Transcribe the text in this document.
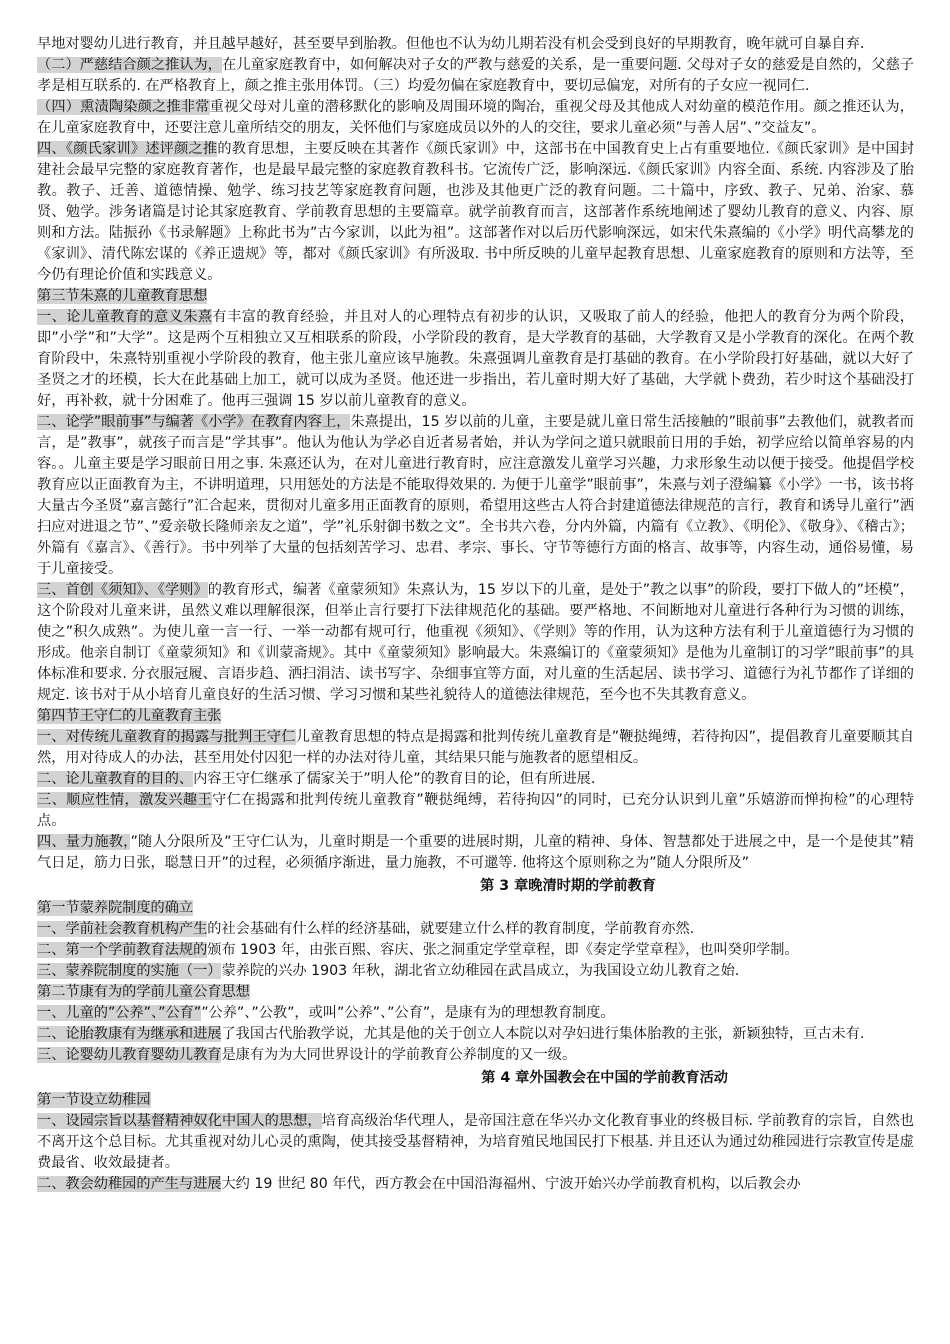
早地对婴幼儿进行教育，并且越早越好，甚至要早到胎教。但他也不认为幼儿期若没有机会受到良好的早期教育，晚年就可自暴自弃.

（二）严慈结合颜之推认为，在儿童家庭教育中，如何解决对子女的严教与慈爱的关系，是一重要问题. 父母对子女的慈爱是自然的，父慈子孝是相互联系的. 在严格教育上，颜之推主张用体罚。（三）均爱勿偏在家庭教育中，要切忌偏宠，对所有的子女应一视同仁.

（四）熏渍陶染颜之推非常重视父母对儿童的潜移默化的影响及周围环境的陶冶，重视父母及其他成人对幼童的模范作用。颜之推还认为，在儿童家庭教育中，还要注意儿童所结交的朋友，关怀他们与家庭成员以外的人的交往，要求儿童必须”与善人居”、”交益友”。

四、《颜氏家训》述评颜之推的教育思想，主要反映在其著作《颜氏家训》中，这部书在中国教育史上占有重要地位.《颜氏家训》是中国封建社会最早完整的家庭教育著作，也是最早最完整的家庭教育教科书。它流传广泛，影响深远.《颜氏家训》内容全面、系统. 内容涉及了胎教。教子、迁善、道德情操、勉学、练习技艺等家庭教育问题，也涉及其他更广泛的教育问题。二十篇中，序致、教子、兄弟、治家、慕贤、勉学。涉务诸篇是讨论其家庭教育、学前教育思想的主要篇章。就学前教育而言，这部著作系统地阐述了婴幼儿教育的意义、内容、原则和方法。陆振孙《书录解题》上称此书为”古今家训，以此为祖”。这部著作对以后历代影响深远，如宋代朱熹编的《小学》明代高攀龙的《家训》、清代陈宏谋的《养正遗规》等，都对《颜氏家训》有所汲取. 书中所反映的儿童早起教育思想、儿童家庭教育的原则和方法等，至今仍有理论价值和实践意义。

第三节朱熹的儿童教育思想

一、论儿童教育的意义朱熹有丰富的教育经验，并且对人的心理特点有初步的认识，又吸取了前人的经验，他把人的教育分为两个阶段，即”小学”和”大学”。这是两个互相独立又互相联系的阶段，小学阶段的教育，是大学教育的基础，大学教育又是小学教育的深化。在两个教育阶段中，朱熹特别重视小学阶段的教育，他主张儿童应该早施教。朱熹强调儿童教育是打基础的教育。在小学阶段打好基础，就以大好了圣贤之才的坯模，长大在此基础上加工，就可以成为圣贤。他还进一步指出，若儿童时期大好了基础，大学就卜费劲，若少时这个基础没打好，再补救，就十分困难了。他再三强调 15 岁以前儿童教育的意义。

二、论学”眼前事”与编著《小学》在教育内容上，朱熹提出，15 岁以前的儿童，主要是就儿童日常生活接触的”眼前事”去教他们，就教者而言，是”教事”，就孩子而言是”学其事”。他认为他认为学必自近者易者始，并认为学问之道只就眼前日用的手始，初学应给以简单容易的内容。。儿童主要是学习眼前日用之事. 朱熹还认为，在对儿童进行教育时，应注意激发儿童学习兴趣，力求形象生动以便于接受。他提倡学校教育应以正面教育为主，不讲明道理，只用惩处的方法是不能取得效果的. 为便于儿童学”眼前事”，朱熹与刘子澄编纂《小学》一书，该书将大量古今圣贤”嘉言懿行”汇合起来，贯彻对儿童多用正面教育的原则，希望用这些古人符合封建道德法律规范的言行，教育和诱导儿童行”洒扫应对进退之节”、”爱亲敬长隆师亲友之道”，学”礼乐射御书数之文”。全书共六卷，分内外篇，内篇有《立教》、《明伦》、《敬身》、《稽古》；外篇有《嘉言》、《善行》。书中列举了大量的包括刻苦学习、忠君、孝宗、事长、守节等德行方面的格言、故事等，内容生动，通俗易懂，易于儿童接受。

三、首创《须知》、《学则》的教育形式，编著《童蒙须知》朱熹认为，15 岁以下的儿童，是处于”教之以事”的阶段，要打下做人的”坯模”，这个阶段对儿童来讲，虽然义难以理解很深，但举止言行要打下法律规范化的基础。要严格地、不间断地对儿童进行各种行为习惯的训练，使之”积久成熟”。为使儿童一言一行、一举一动都有规可行，他重视《须知》、《学则》等的作用，认为这种方法有利于儿童道德行为习惯的形成。他亲自制订《童蒙须知》和《训蒙斋规》。其中《童蒙须知》影响最大。朱熹编订的《童蒙须知》是他为儿童制订的习学”眼前事”的具体标准和要求. 分衣服冠履、言语步趋、洒扫涓洁、读书写字、杂细事宜等方面，对儿童的生活起居、读书学习、道德行为礼节都作了详细的规定. 该书对于从小培育儿童良好的生活习惯、学习习惯和某些礼貌待人的道德法律规范，至今也不失其教育意义。

第四节王守仁的儿童教育主张

一、对传统儿童教育的揭露与批判王守仁儿童教育思想的特点是揭露和批判传统儿童教育是”鞭挞绳缚，若待拘囚”，提倡教育儿童要顺其自然，用对待成人的办法，甚至用处付囚犯一样的办法对待儿童，其结果只能与施教者的愿望相反。

二、论儿童教育的目的、内容王守仁继承了儒家关于”明人伦”的教育目的论，但有所进展.

三、顺应性情，激发兴趣王守仁在揭露和批判传统儿童教育”鞭挞绳缚，若待拘囚”的同时，已充分认识到儿童”乐嬉游而惮拘检”的心理特点。

四、量力施教，”随人分限所及”王守仁认为，儿童时期是一个重要的进展时期，儿童的精神、身体、智慧都处于进展之中，是一个是使其”精气日足，筋力日张，聪慧日开”的过程，必须循序渐进，量力施教，不可邋等. 他将这个原则称之为”随人分限所及”

第 3 章晚清时期的学前教育

第一节蒙养院制度的确立

一、学前社会教育机构产生的社会基础有什么样的经济基础，就要建立什么样的教育制度，学前教育亦然.

二、第一个学前教育法规的颁布 1903 年，由张百熙、容庆、张之洞重定学堂章程，即《奏定学堂章程》，也叫癸卯学制。

三、蒙养院制度的实施（一）蒙养院的兴办 1903 年秋，湖北省立幼稚园在武昌成立，为我国设立幼儿教育之始.

第二节康有为的学前儿童公育思想

一、儿童的”公养”、”公育””公养”、”公教”，或叫”公养”、”公育”，是康有为的理想教育制度。

二、论胎教康有为继承和进展了我国古代胎教学说，尤其是他的关于创立人本院以对孕妇进行集体胎教的主张，新颖独特，亘古未有.

三、论婴幼儿教育婴幼儿教育是康有为为大同世界设计的学前教育公养制度的又一级。

第 4 章外国教会在中国的学前教育活动

第一节设立幼稚园

一、设园宗旨以基督精神奴化中国人的思想，培育高级治华代理人，是帝国注意在华兴办文化教育事业的终极目标. 学前教育的宗旨，自然也不离开这个总目标。尤其重视对幼儿心灵的熏陶，使其接受基督精神，为培育殖民地国民打下根基. 并且还认为通过幼稚园进行宗教宣传是虚费最省、收效最捷者。

二、教会幼稚园的产生与进展大约 19 世纪 80 年代，西方教会在中国沿海福州、宁波开始兴办学前教育机构，以后教会办
